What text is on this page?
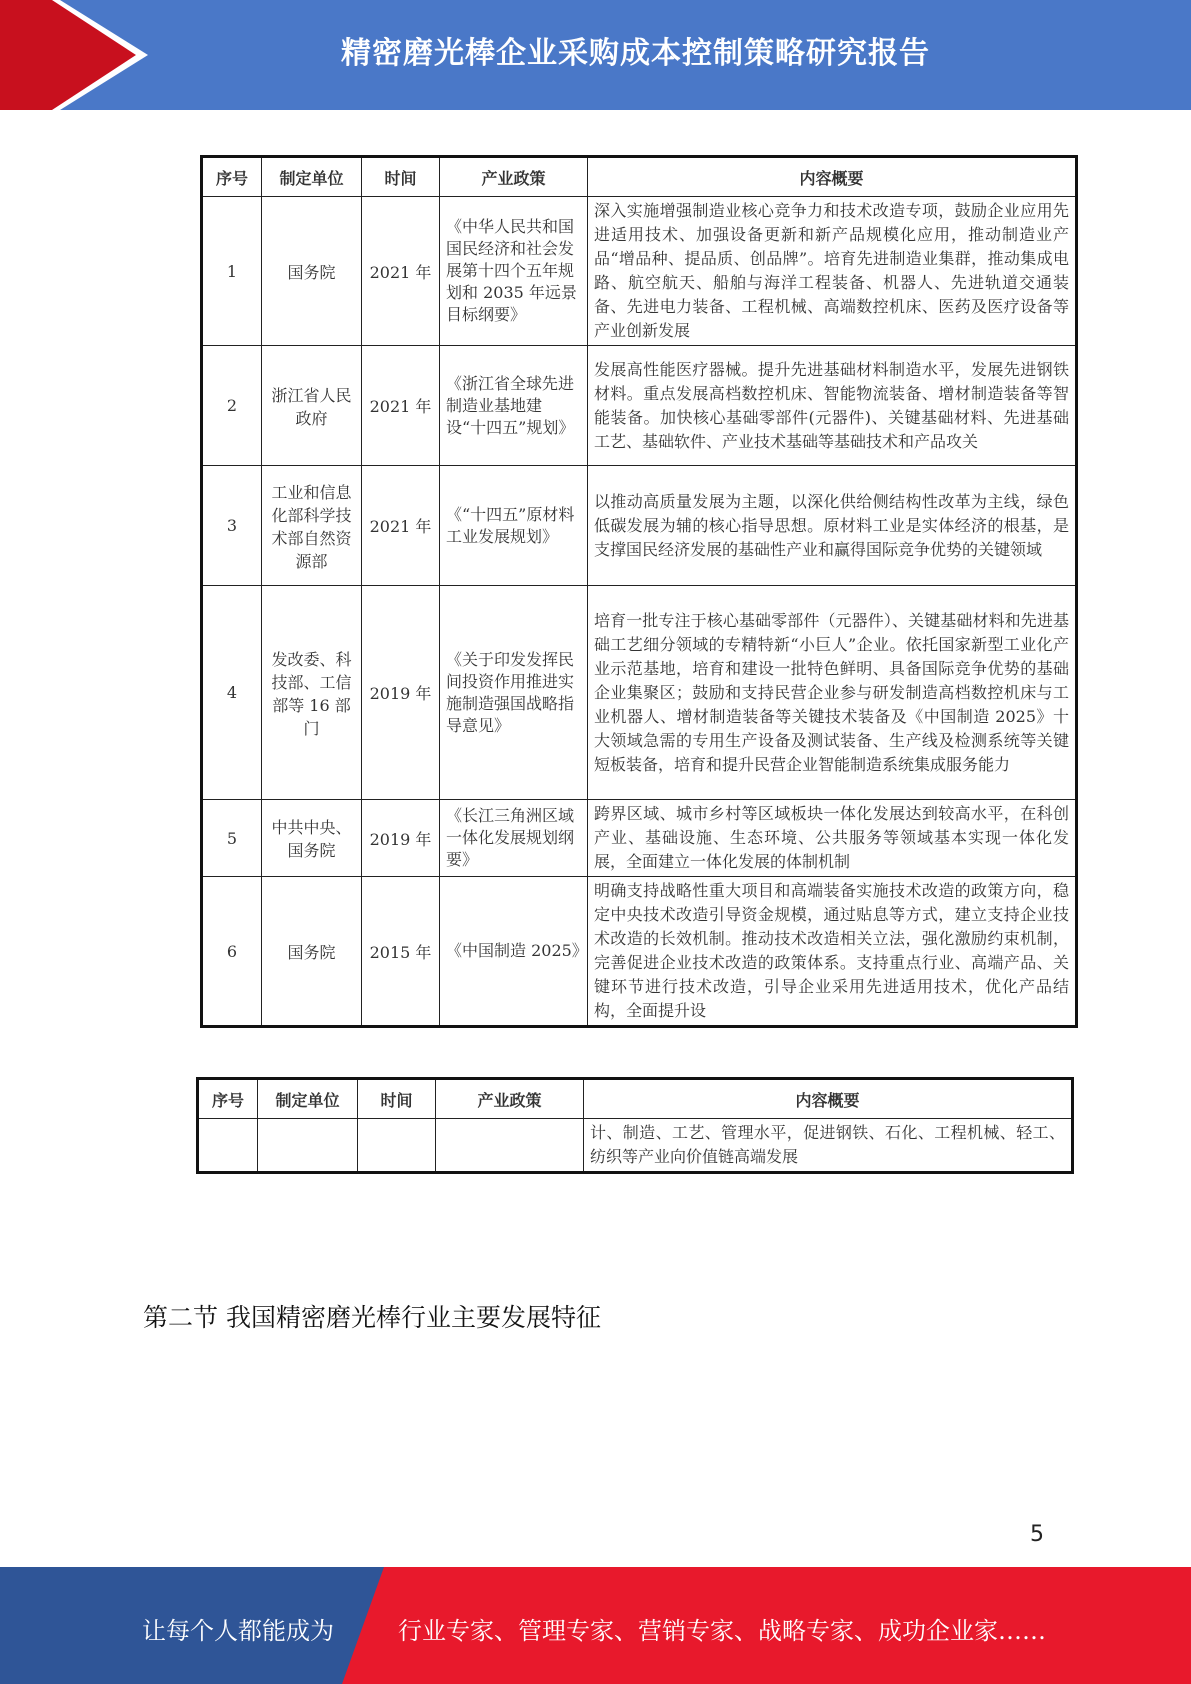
精密磨光棒企业采购成本控制策略研究报告
序号	制定单位	时间	产业政策	内容概要
1	国务院	2021 年	《中华人民共和国国民经济和社会发展第十四个五年规划和 2035 年远景目标纲要》	深入实施增强制造业核心竞争力和技术改造专项，鼓励企业应用先进适用技术、加强设备更新和新产品规模化应用，推动制造业产品“增品种、提品质、创品牌”。培育先进制造业集群，推动集成电路、航空航天、船舶与海洋工程装备、机器人、先进轨道交通装备、先进电力装备、工程机械、高端数控机床、医药及医疗设备等产业创新发展
2	浙江省人民政府	2021 年	《浙江省全球先进制造业基地建设“十四五”规划》	发展高性能医疗器械。提升先进基础材料制造水平，发展先进钢铁材料。重点发展高档数控机床、智能物流装备、增材制造装备等智能装备。加快核心基础零部件(元器件)、关键基础材料、先进基础工艺、基础软件、产业技术基础等基础技术和产品攻关
3	工业和信息化部科学技术部自然资源部	2021 年	《“十四五”原材料工业发展规划》	以推动高质量发展为主题，以深化供给侧结构性改革为主线，绿色低碳发展为辅的核心指导思想。原材料工业是实体经济的根基，是支撑国民经济发展的基础性产业和赢得国际竞争优势的关键领域
4	发改委、科技部、工信部等 16 部门	2019 年	《关于印发发挥民间投资作用推进实施制造强国战略指导意见》	培育一批专注于核心基础零部件（元器件）、关键基础材料和先进基础工艺细分领域的专精特新“小巨人”企业。依托国家新型工业化产业示范基地，培育和建设一批特色鲜明、具备国际竞争优势的基础企业集聚区；鼓励和支持民营企业参与研发制造高档数控机床与工业机器人、增材制造装备等关键技术装备及《中国制造 2025》十大领域急需的专用生产设备及测试装备、生产线及检测系统等关键短板装备，培育和提升民营企业智能制造系统集成服务能力
5	中共中央、国务院	2019 年	《长江三角洲区域一体化发展规划纲要》	跨界区域、城市乡村等区域板块一体化发展达到较高水平，在科创产业、基础设施、生态环境、公共服务等领域基本实现一体化发展，全面建立一体化发展的体制机制
6	国务院	2015 年	《中国制造 2025》	明确支持战略性重大项目和高端装备实施技术改造的政策方向，稳定中央技术改造引导资金规模，通过贴息等方式，建立支持企业技术改造的长效机制。推动技术改造相关立法，强化激励约束机制，完善促进企业技术改造的政策体系。支持重点行业、高端产品、关键环节进行技术改造，引导企业采用先进适用技术，优化产品结构，全面提升设
序号	制定单位	时间	产业政策	内容概要
				计、制造、工艺、管理水平，促进钢铁、石化、工程机械、轻工、纺织等产业向价值链高端发展
第二节 我国精密磨光棒行业主要发展特征
5
让每个人都能成为	行业专家、管理专家、营销专家、战略专家、成功企业家……
